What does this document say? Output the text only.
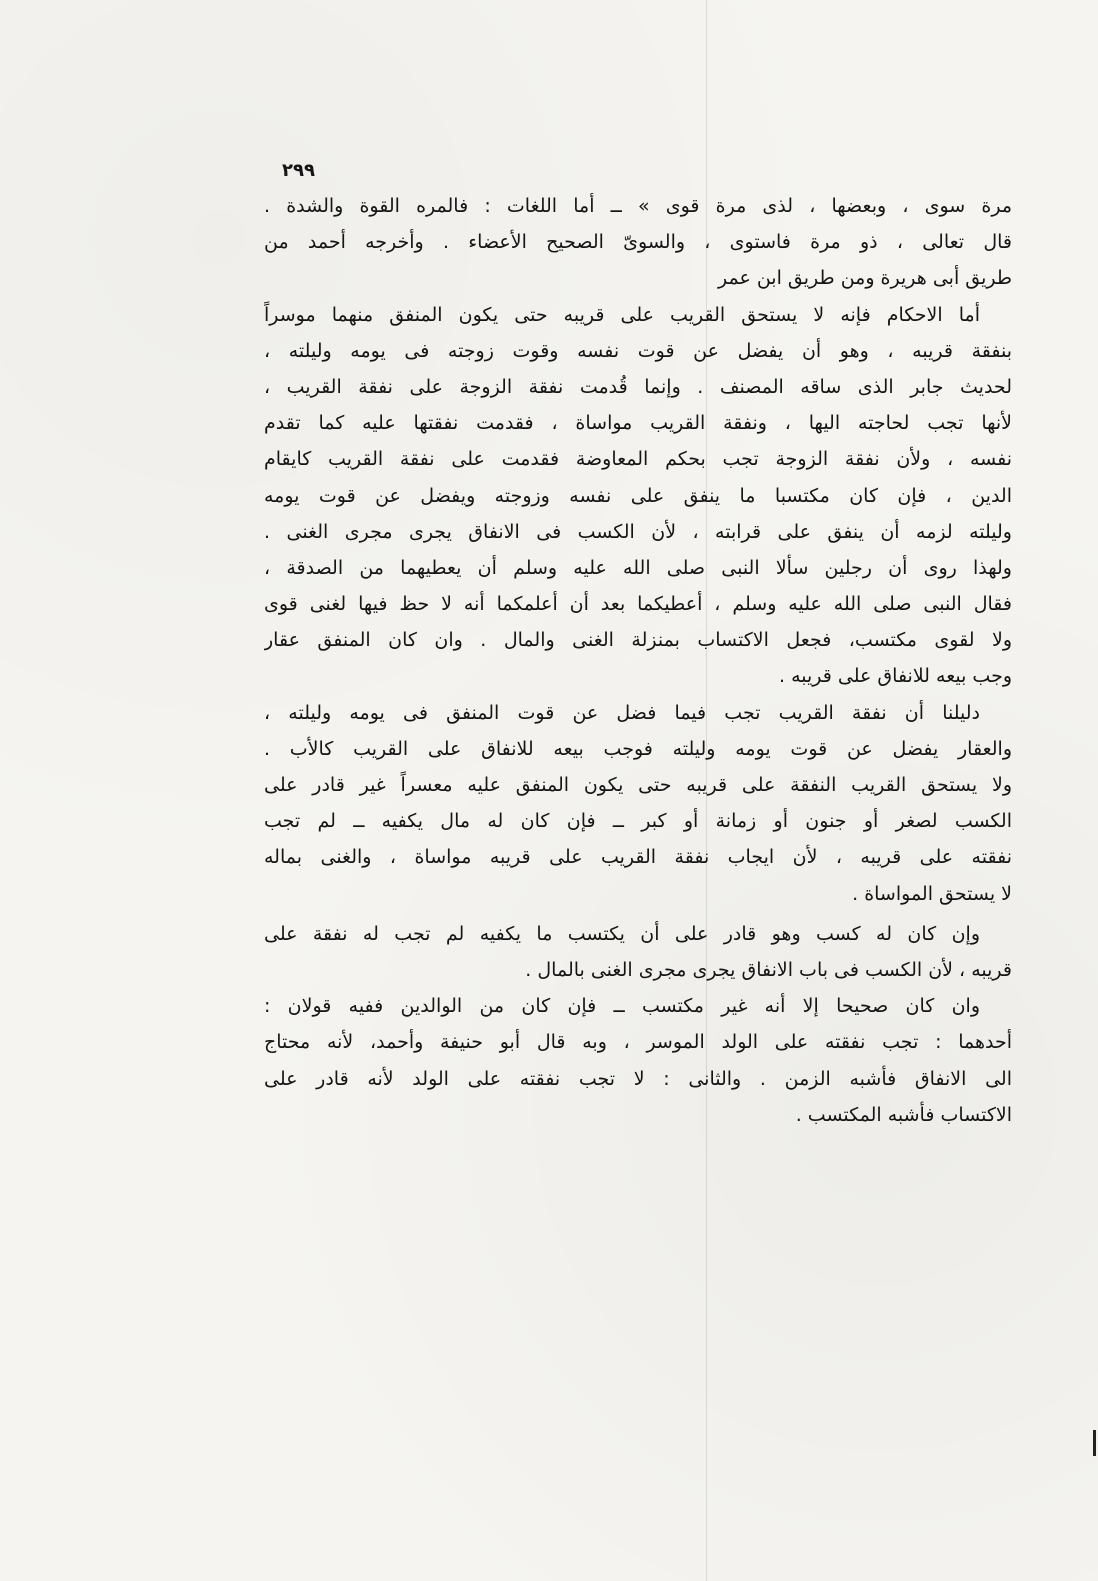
٢٩٩
مرة سوى ، وبعضها ، لذى مرة قوى » ــ أما اللغات : فالمره القوة والشدة .
قال تعالى ، ذو مرة فاستوى ، والسوىّ الصحيح الأعضاء . وأخرجه أحمد من
طريق أبى هريرة ومن طريق ابن عمر
أما الاحكام فإنه لا يستحق القريب على قريبه حتى يكون المنفق منهما موسراً
بنفقة قريبه ، وهو أن يفضل عن قوت نفسه وقوت زوجته فى يومه وليلته ،
لحديث جابر الذى ساقه المصنف . وإنما قُدمت نفقة الزوجة على نفقة القريب ،
لأنها تجب لحاجته اليها ، ونفقة القريب مواساة ، فقدمت نفقتها عليه كما تقدم
نفسه ، ولأن نفقة الزوجة تجب بحكم المعاوضة فقدمت على نفقة القريب كايقام
الدين ، فإن كان مكتسبا ما ينفق على نفسه وزوجته ويفضل عن قوت يومه
وليلته لزمه أن ينفق على قرابته ، لأن الكسب فى الانفاق يجرى مجرى الغنى .
ولهذا روى أن رجلين سألا النبى صلى الله عليه وسلم أن يعطيهما من الصدقة ،
فقال النبى صلى الله عليه وسلم ، أعطيكما بعد أن أعلمكما أنه لا حظ فيها لغنى قوى
ولا لقوى مكتسب، فجعل الاكتساب بمنزلة الغنى والمال . وان كان المنفق عقار
وجب بيعه للانفاق على قريبه .
دليلنا أن نفقة القريب تجب فيما فضل عن قوت المنفق فى يومه وليلته ،
والعقار يفضل عن قوت يومه وليلته فوجب بيعه للانفاق على القريب كالأب .
ولا يستحق القريب النفقة على قريبه حتى يكون المنفق عليه معسراً غير قادر على
الكسب لصغر أو جنون أو زمانة أو كبر ــ فإن كان له مال يكفيه ــ لم تجب
نفقته على قريبه ، لأن ايجاب نفقة القريب على قريبه مواساة ، والغنى بماله
لا يستحق المواساة .
وإن كان له كسب وهو قادر على أن يكتسب ما يكفيه لم تجب له نفقة على
قريبه ، لأن الكسب فى باب الانفاق يجرى مجرى الغنى بالمال .
وان كان صحيحا إلا أنه غير مكتسب ــ فإن كان من الوالدين ففيه قولان :
أحدهما : تجب نفقته على الولد الموسر ، وبه قال أبو حنيفة وأحمد، لأنه محتاج
الى الانفاق فأشبه الزمن . والثانى : لا تجب نفقته على الولد لأنه قادر على
الاكتساب فأشبه المكتسب .
